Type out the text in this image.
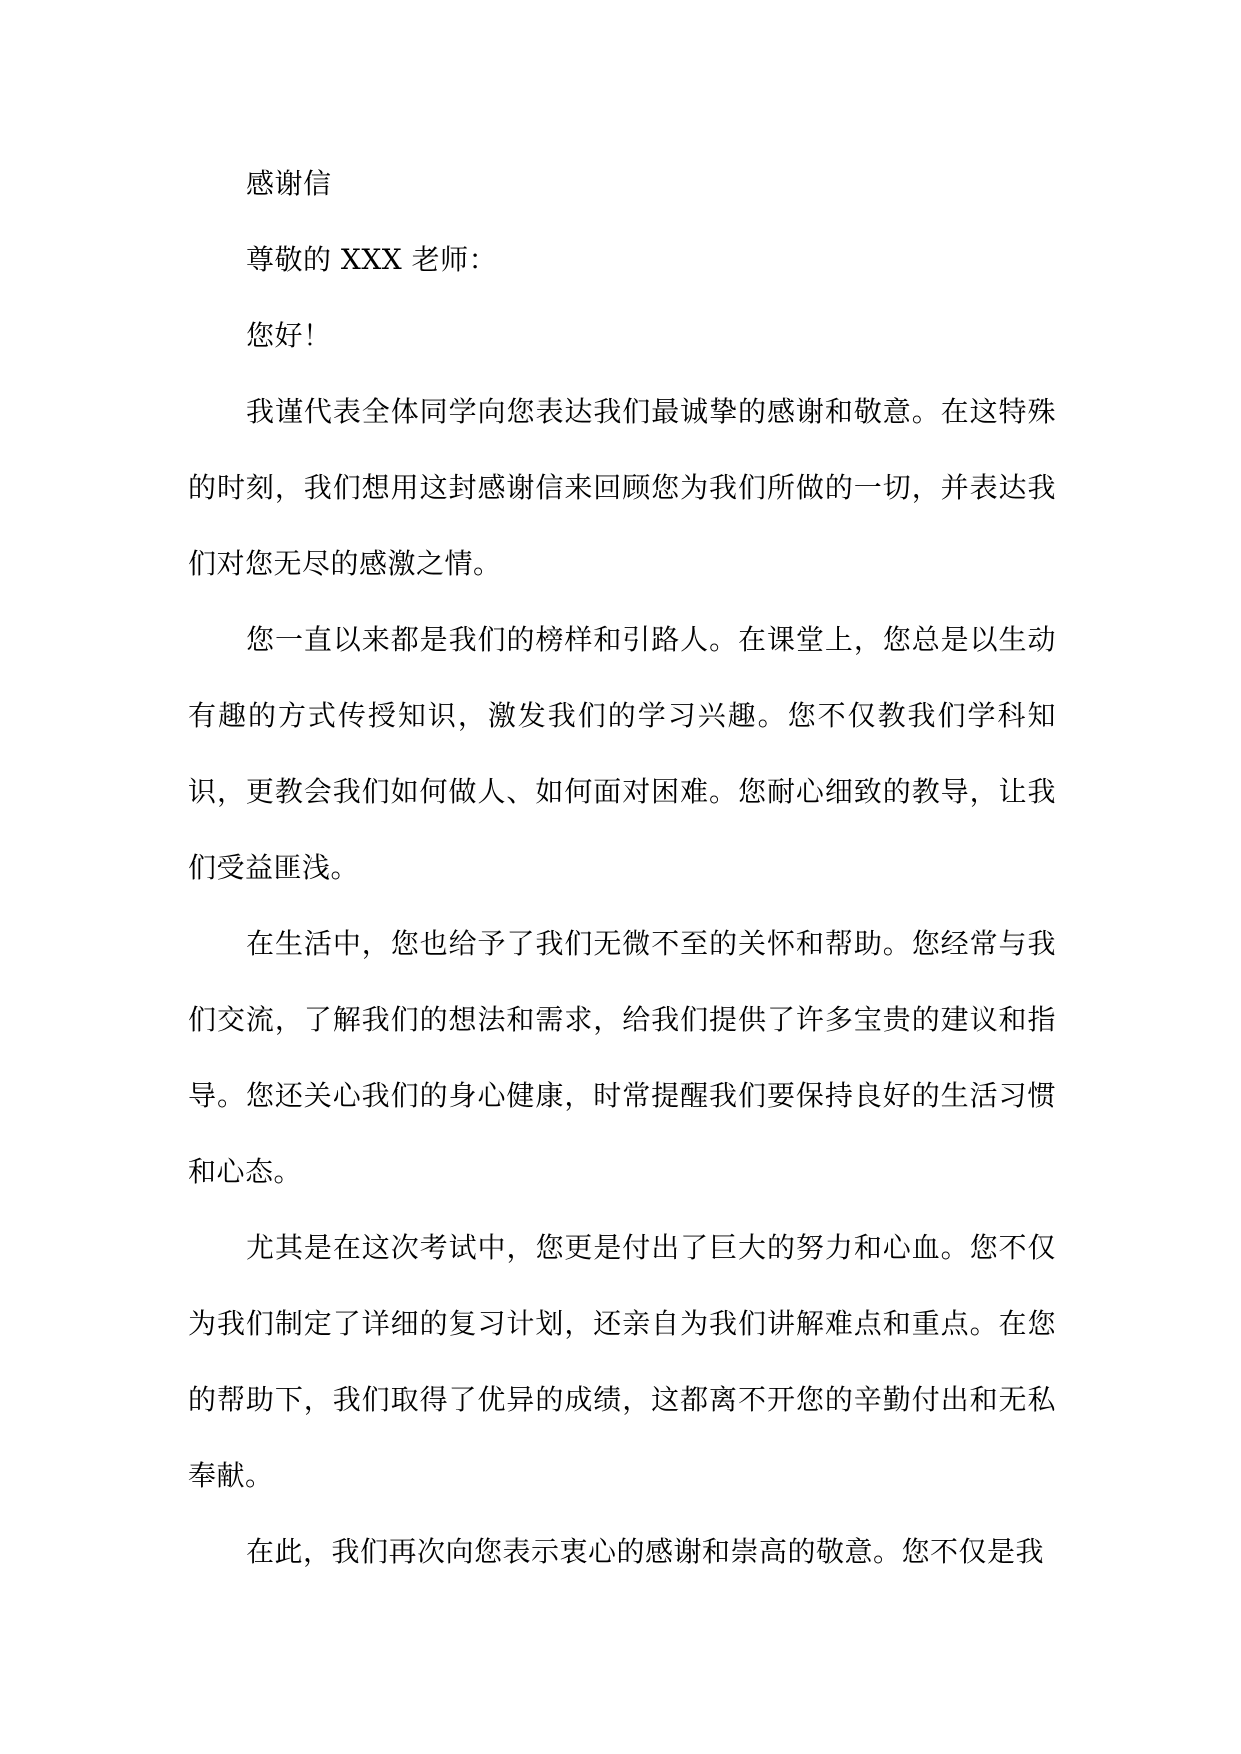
感谢信

尊敬的 XXX 老师：

您好！

我谨代表全体同学向您表达我们最诚挚的感谢和敬意。在这特殊的时刻，我们想用这封感谢信来回顾您为我们所做的一切，并表达我们对您无尽的感激之情。

您一直以来都是我们的榜样和引路人。在课堂上，您总是以生动有趣的方式传授知识，激发我们的学习兴趣。您不仅教我们学科知识，更教会我们如何做人、如何面对困难。您耐心细致的教导，让我们受益匪浅。

在生活中，您也给予了我们无微不至的关怀和帮助。您经常与我们交流，了解我们的想法和需求，给我们提供了许多宝贵的建议和指导。您还关心我们的身心健康，时常提醒我们要保持良好的生活习惯和心态。

尤其是在这次考试中，您更是付出了巨大的努力和心血。您不仅为我们制定了详细的复习计划，还亲自为我们讲解难点和重点。在您的帮助下，我们取得了优异的成绩，这都离不开您的辛勤付出和无私奉献。

在此，我们再次向您表示衷心的感谢和崇高的敬意。您不仅是我
